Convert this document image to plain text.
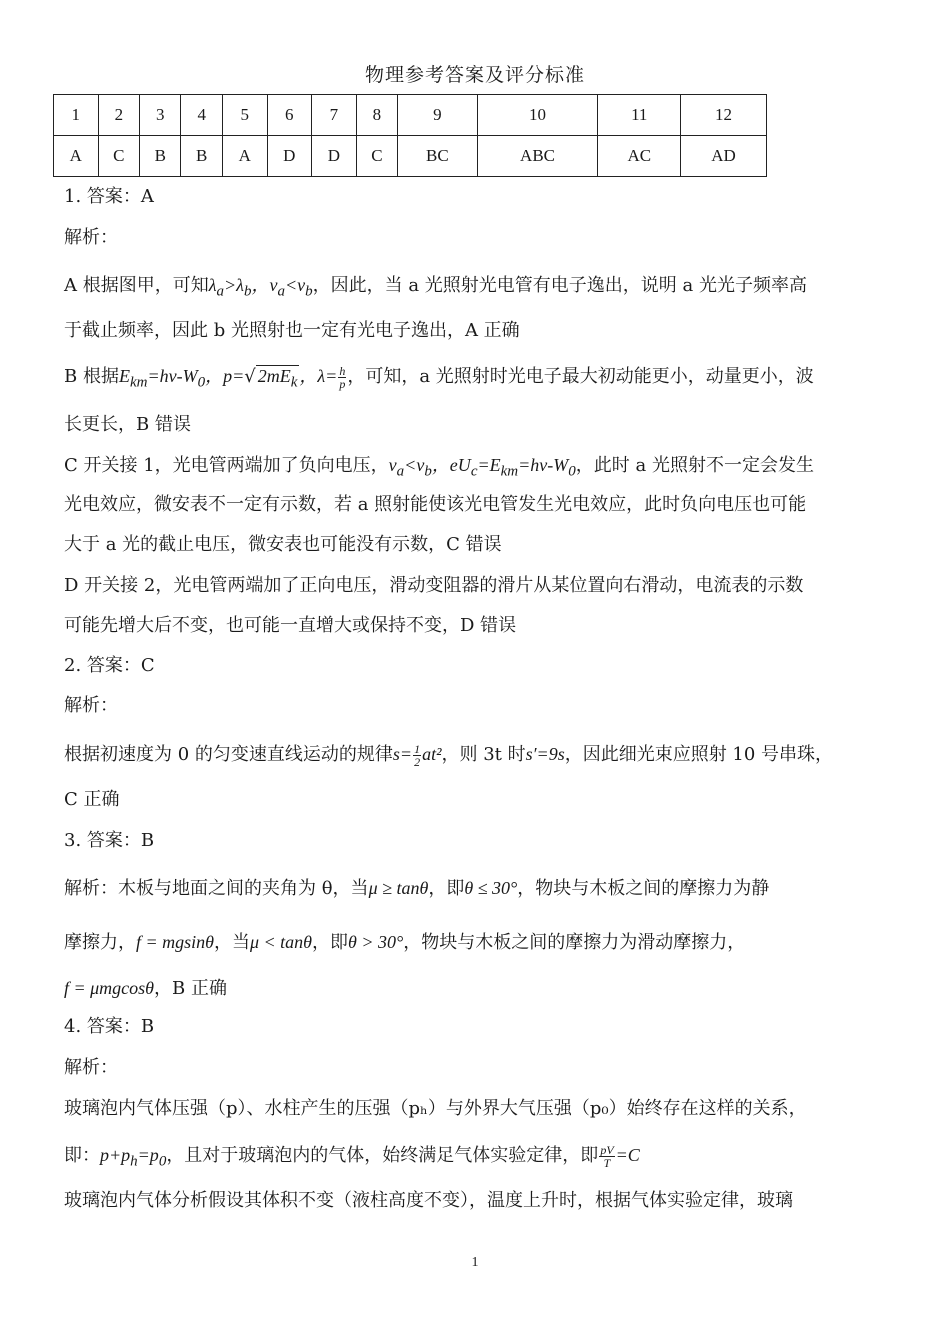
物理参考答案及评分标准
1	2	3	4	5	6	7	8	9	10	11	12
A	C	B	B	A	D	D	C	BC	ABC	AC	AD
1. 答案：A
解析：
A 根据图甲，可知$\lambda_a>\lambda_b$，$v_a<v_b$，因此，当 a 光照射光电管有电子逸出，说明 a 光光子频率高
于截止频率，因此 b 光照射也一定有光电子逸出，A 正确
B 根据$E_{km}=h\nu-W_0$，p=√ $2mE_k$ ，$\lambda= \frac{h}{p}$ ，可知，a 光照射时光电子最大初动能更小，动量更小，波
长更长，B 错误
C 开关接 1，光电管两端加了负向电压，$v_a<v_b$，$eU_c=E_{km}=h\nu-W_0$，此时 a 光照射不一定会发生
光电效应，微安表不一定有示数，若 a 照射能使该光电管发生光电效应，此时负向电压也可能
大于 a 光的截止电压，微安表也可能没有示数，C 错误
D 开关接 2，光电管两端加了正向电压，滑动变阻器的滑片从某位置向右滑动，电流表的示数
可能先增大后不变，也可能一直增大或保持不变，D 错误
2. 答案：C
解析：
根据初速度为 0 的匀变速直线运动的规律$s= \frac{1}{2} at^2$，则 3t 时s′=9s，因此细光束应照射 10 号串珠，
C 正确
3. 答案：B
解析：木板与地面之间的夹角为 θ，当μ ≥ tanθ，即θ ≤ 30°，物块与木板之间的摩擦力为静
摩擦力，f = mgsinθ，当μ < tanθ，即θ > 30°，物块与木板之间的摩擦力为滑动摩擦力，
f = μmgcosθ，B 正确
4. 答案：B
解析：
玻璃泡内气体压强（p）、水柱产生的压强（pₕ）与外界大气压强（p₀）始终存在这样的关系，
即：$p+p_h=p_0$，且对于玻璃泡内的气体，始终满足气体实验定律，即 $\frac{pV}{T} =C$
玻璃泡内气体分析假设其体积不变（液柱高度不变），温度上升时，根据气体实验定律，玻璃
1
